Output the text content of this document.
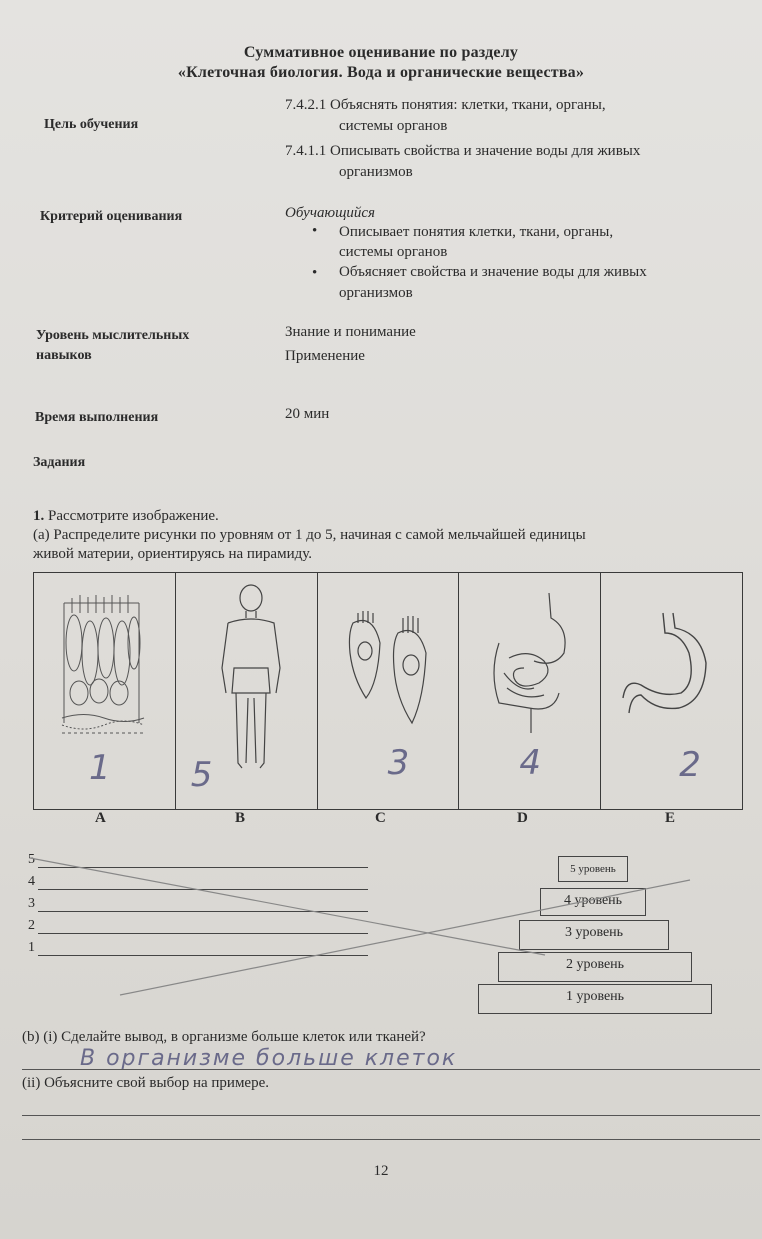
Суммативное оценивание по разделу
«Клеточная биология. Вода и органические вещества»
Цель обучения
7.4.2.1 Объяснять понятия: клетки, ткани, органы,
системы органов
7.4.1.1 Описывать свойства и значение воды для живых
организмов
Критерий оценивания	Обучающийся
• Описывает понятия клетки, ткани, органы,
системы органов
• Объясняет свойства и значение воды для живых
организмов
Уровень мыслительных
навыков
Знание и понимание
Применение
Время выполнения	20 мин
Задания
1. Рассмотрите изображение.
(a) Распределите рисунки по уровням от 1 до 5, начиная с самой мельчайшей единицы
живой материи, ориентируясь на пирамиду.
1 5	3	4	2
A	B	C	D	E
5
4
3
2
1
5 уровень
4 уровень
3 уровень
2 уровень
1 уровень
(b) (i) Сделайте вывод, в организме больше клеток или тканей?
В организме больше клеток
(ii) Объясните свой выбор на примере.
12
